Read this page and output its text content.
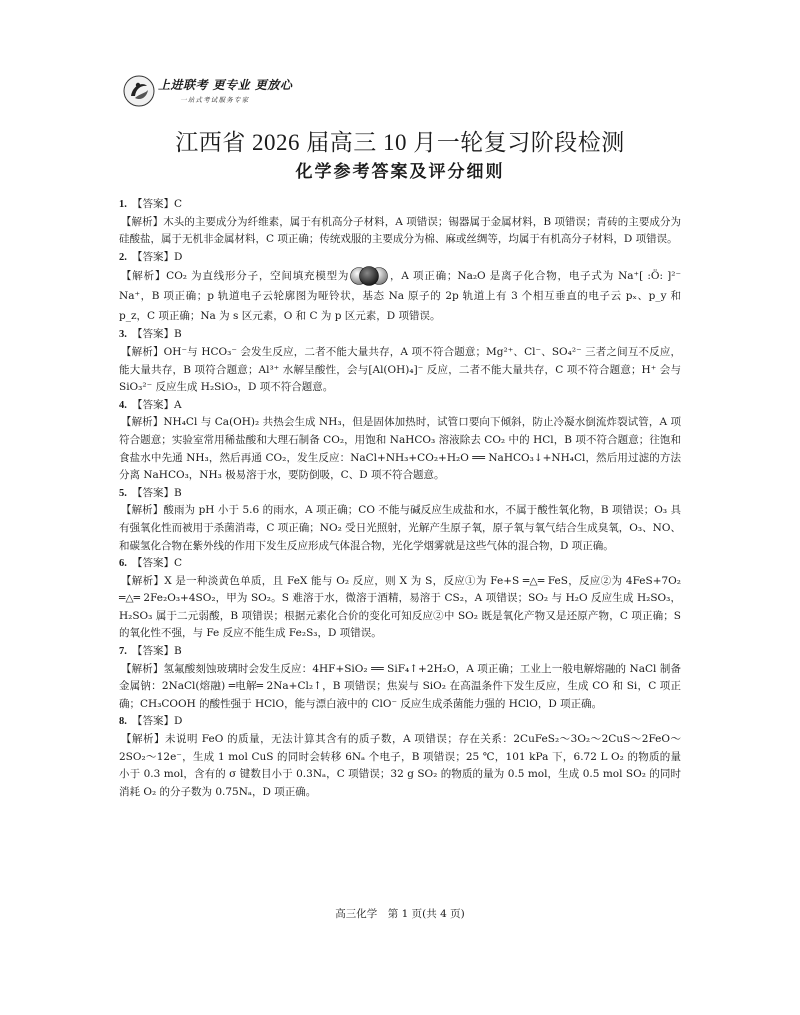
上进联考 更专业 更放心
一站式考试服务专家
江西省 2026 届高三 10 月一轮复习阶段检测
化学参考答案及评分细则
1. 【答案】C
【解析】木头的主要成分为纤维素，属于有机高分子材料，A 项错误；锡器属于金属材料，B 项错误；青砖的主要成分为硅酸盐，属于无机非金属材料，C 项正确；传统戏服的主要成分为棉、麻或丝绸等，均属于有机高分子材料，D 项错误。
2. 【答案】D
【解析】CO₂ 为直线形分子，空间填充模型为	，A 项正确；Na₂O 是离子化合物，电子式为 Na⁺[ :Ö: ]²⁻ Na⁺，B 项正确；p 轨道电子云轮廓图为哑铃状，基态 Na 原子的 2p 轨道上有 3 个相互垂直的电子云 pₓ、p_y 和 p_z，C 项正确；Na 为 s 区元素，O 和 C 为 p 区元素，D 项错误。
3. 【答案】B
【解析】OH⁻与 HCO₃⁻ 会发生反应，二者不能大量共存，A 项不符合题意；Mg²⁺、Cl⁻、SO₄²⁻ 三者之间互不反应，能大量共存，B 项符合题意；Al³⁺ 水解呈酸性，会与[Al(OH)₄]⁻ 反应，二者不能大量共存，C 项不符合题意；H⁺ 会与 SiO₃²⁻ 反应生成 H₂SiO₃，D 项不符合题意。
4. 【答案】A
【解析】NH₄Cl 与 Ca(OH)₂ 共热会生成 NH₃，但是固体加热时，试管口要向下倾斜，防止冷凝水倒流炸裂试管，A 项符合题意；实验室常用稀盐酸和大理石制备 CO₂，用饱和 NaHCO₃ 溶液除去 CO₂ 中的 HCl，B 项不符合题意；往饱和食盐水中先通 NH₃，然后再通 CO₂，发生反应：NaCl+NH₃+CO₂+H₂O ══ NaHCO₃↓+NH₄Cl，然后用过滤的方法分离 NaHCO₃，NH₃ 极易溶于水，要防倒吸，C、D 项不符合题意。
5. 【答案】B
【解析】酸雨为 pH 小于 5.6 的雨水，A 项正确；CO 不能与碱反应生成盐和水，不属于酸性氧化物，B 项错误；O₃ 具有强氧化性而被用于杀菌消毒，C 项正确；NO₂ 受日光照射，光解产生原子氧，原子氧与氧气结合生成臭氧，O₃、NO、和碳氢化合物在紫外线的作用下发生反应形成气体混合物，光化学烟雾就是这些气体的混合物，D 项正确。
6. 【答案】C
【解析】X 是一种淡黄色单质，且 FeX 能与 O₂ 反应，则 X 为 S，反应①为 Fe+S ═△═ FeS，反应②为 4FeS+7O₂ ═△═ 2Fe₂O₃+4SO₂，甲为 SO₂。S 难溶于水，微溶于酒精，易溶于 CS₂，A 项错误；SO₂ 与 H₂O 反应生成 H₂SO₃，H₂SO₃ 属于二元弱酸，B 项错误；根据元素化合价的变化可知反应②中 SO₂ 既是氧化产物又是还原产物，C 项正确；S 的氧化性不强，与 Fe 反应不能生成 Fe₂S₃，D 项错误。
7. 【答案】B
【解析】氢氟酸刻蚀玻璃时会发生反应：4HF+SiO₂ ══ SiF₄↑+2H₂O，A 项正确；工业上一般电解熔融的 NaCl 制备金属钠：2NaCl(熔融) ═电解═ 2Na+Cl₂↑，B 项错误；焦炭与 SiO₂ 在高温条件下发生反应，生成 CO 和 Si，C 项正确；CH₃COOH 的酸性强于 HClO，能与漂白液中的 ClO⁻ 反应生成杀菌能力强的 HClO，D 项正确。
8. 【答案】D
【解析】未说明 FeO 的质量，无法计算其含有的质子数，A 项错误；存在关系：2CuFeS₂～3O₂～2CuS～2FeO～2SO₂～12e⁻，生成 1 mol CuS 的同时会转移 6Nₐ 个电子，B 项错误；25 ℃，101 kPa 下，6.72 L O₂ 的物质的量小于 0.3 mol，含有的 σ 键数目小于 0.3Nₐ，C 项错误；32 g SO₂ 的物质的量为 0.5 mol，生成 0.5 mol SO₂ 的同时消耗 O₂ 的分子数为 0.75Nₐ，D 项正确。
高三化学　第 1 页(共 4 页)
